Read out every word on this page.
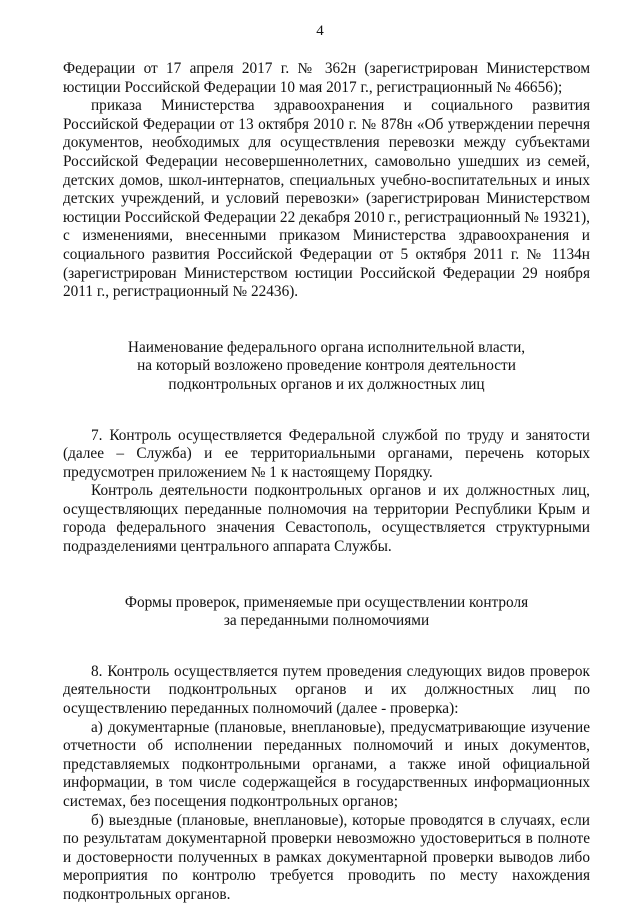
4

Федерации от 17 апреля 2017 г. № 362н (зарегистрирован Министерством юстиции Российской Федерации 10 мая 2017 г., регистрационный № 46656);

приказа Министерства здравоохранения и социального развития Российской Федерации от 13 октября 2010 г. № 878н «Об утверждении перечня документов, необходимых для осуществления перевозки между субъектами Российской Федерации несовершеннолетних, самовольно ушедших из семей, детских домов, школ-интернатов, специальных учебно-воспитательных и иных детских учреждений, и условий перевозки» (зарегистрирован Министерством юстиции Российской Федерации 22 декабря 2010 г., регистрационный № 19321), с изменениями, внесенными приказом Министерства здравоохранения и социального развития Российской Федерации от 5 октября 2011 г. № 1134н (зарегистрирован Министерством юстиции Российской Федерации 29 ноября 2011 г., регистрационный № 22436).

Наименование федерального органа исполнительной власти,

на который возложено проведение контроля деятельности

подконтрольных органов и их должностных лиц

7. Контроль осуществляется Федеральной службой по труду и занятости (далее – Служба) и ее территориальными органами, перечень которых предусмотрен приложением № 1 к настоящему Порядку.

Контроль деятельности подконтрольных органов и их должностных лиц, осуществляющих переданные полномочия на территории Республики Крым и города федерального значения Севастополь, осуществляется структурными подразделениями центрального аппарата Службы.

Формы проверок, применяемые при осуществлении контроля

за переданными полномочиями

8. Контроль осуществляется путем проведения следующих видов проверок деятельности подконтрольных органов и их должностных лиц по осуществлению переданных полномочий (далее - проверка):

а) документарные (плановые, внеплановые), предусматривающие изучение отчетности об исполнении переданных полномочий и иных документов, представляемых подконтрольными органами, а также иной официальной информации, в том числе содержащейся в государственных информационных системах, без посещения подконтрольных органов;

б) выездные (плановые, внеплановые), которые проводятся в случаях, если по результатам документарной проверки невозможно удостовериться в полноте и достоверности полученных в рамках документарной проверки выводов либо мероприятия по контролю требуется проводить по месту нахождения подконтрольных органов.
